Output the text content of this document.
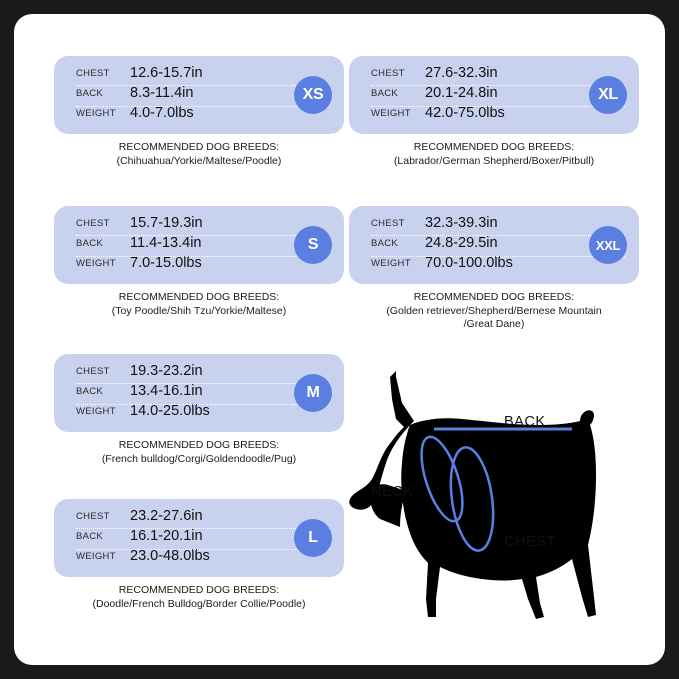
CHEST	12.6-15.7in
BACK	8.3-11.4in
WEIGHT 4.0-7.0lbs
XS
RECOMMENDED DOG BREEDS:
(Chihuahua/Yorkie/Maltese/Poodle)
CHEST	15.7-19.3in
BACK	11.4-13.4in
WEIGHT 7.0-15.0lbs
S
RECOMMENDED DOG BREEDS:
(Toy Poodle/Shih Tzu/Yorkie/Maltese)
CHEST	19.3-23.2in
BACK	13.4-16.1in
WEIGHT 14.0-25.0lbs
M
RECOMMENDED DOG BREEDS:
(French bulldog/Corgi/Goldendoodle/Pug)
CHEST	23.2-27.6in
BACK	16.1-20.1in
WEIGHT 23.0-48.0lbs
L
RECOMMENDED DOG BREEDS:
(Doodle/French Bulldog/Border Collie/Poodle)
CHEST	27.6-32.3in
BACK	20.1-24.8in
WEIGHT 42.0-75.0lbs
XL
RECOMMENDED DOG BREEDS:
(Labrador/German Shepherd/Boxer/Pitbull)
CHEST	32.3-39.3in
BACK	24.8-29.5in
WEIGHT 70.0-100.0lbs
XXL
RECOMMENDED DOG BREEDS:
(Golden retriever/Shepherd/Bernese Mountain
/Great Dane)
BACK
NECK
CHEST
